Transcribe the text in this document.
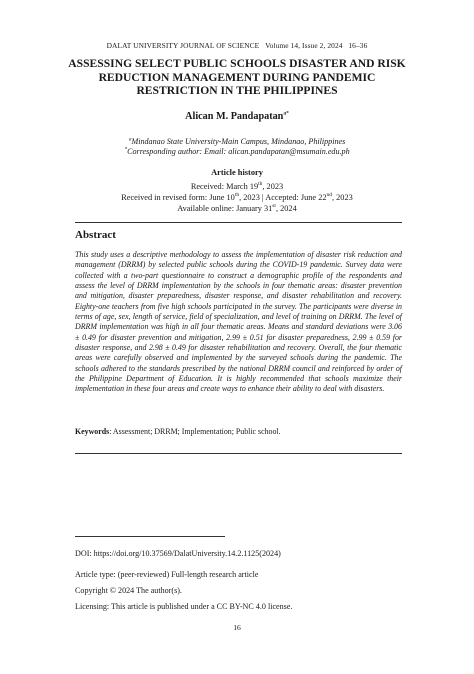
DALAT UNIVERSITY JOURNAL OF SCIENCE Volume 14, Issue 2, 2024 16–36
ASSESSING SELECT PUBLIC SCHOOLS DISASTER AND RISK
REDUCTION MANAGEMENT DURING PANDEMIC
RESTRICTION IN THE PHILIPPINES
Alican M. Pandapatan$^{a*}$
$^a$Mindanao State University-Main Campus, Mindanao, Philippines
*Corresponding author: Email: alican.pandapatan@msumain.edu.ph
Article history
Received: March 19th, 2023
Received in revised form: June 10th, 2023 | Accepted: June 22nd, 2023
Available online: January 31st, 2024
Abstract
This study uses a descriptive methodology to assess the implementation of disaster risk reduction and management (DRRM) by selected public schools during the COVID-19 pandemic. Survey data were collected with a two-part questionnaire to construct a demographic profile of the respondents and assess the level of DRRM implementation by the schools in four thematic areas: disaster prevention and mitigation, disaster preparedness, disaster response, and disaster rehabilitation and recovery. Eighty-one teachers from five high schools participated in the survey. The participants were diverse in terms of age, sex, length of service, field of specialization, and level of training on DRRM. The level of DRRM implementation was high in all four thematic areas. Means and standard deviations were 3.06 ± 0.49 for disaster prevention and mitigation, 2.99 ± 0.51 for disaster preparedness, 2.99 ± 0.59 for disaster response, and 2.98 ± 0.49 for disaster rehabilitation and recovery. Overall, the four thematic areas were carefully observed and implemented by the surveyed schools during the pandemic. The schools adhered to the standards prescribed by the national DRRM council and reinforced by order of the Philippine Department of Education. It is highly recommended that schools maximize their implementation in these four areas and create ways to enhance their ability to deal with disasters.
Keywords: Assessment; DRRM; Implementation; Public school.
DOI: https://doi.org/10.37569/DalatUniversity.14.2.1125(2024)
Article type: (peer-reviewed) Full-length research article
Copyright © 2024 The author(s).
Licensing: This article is published under a CC BY-NC 4.0 license.
16
